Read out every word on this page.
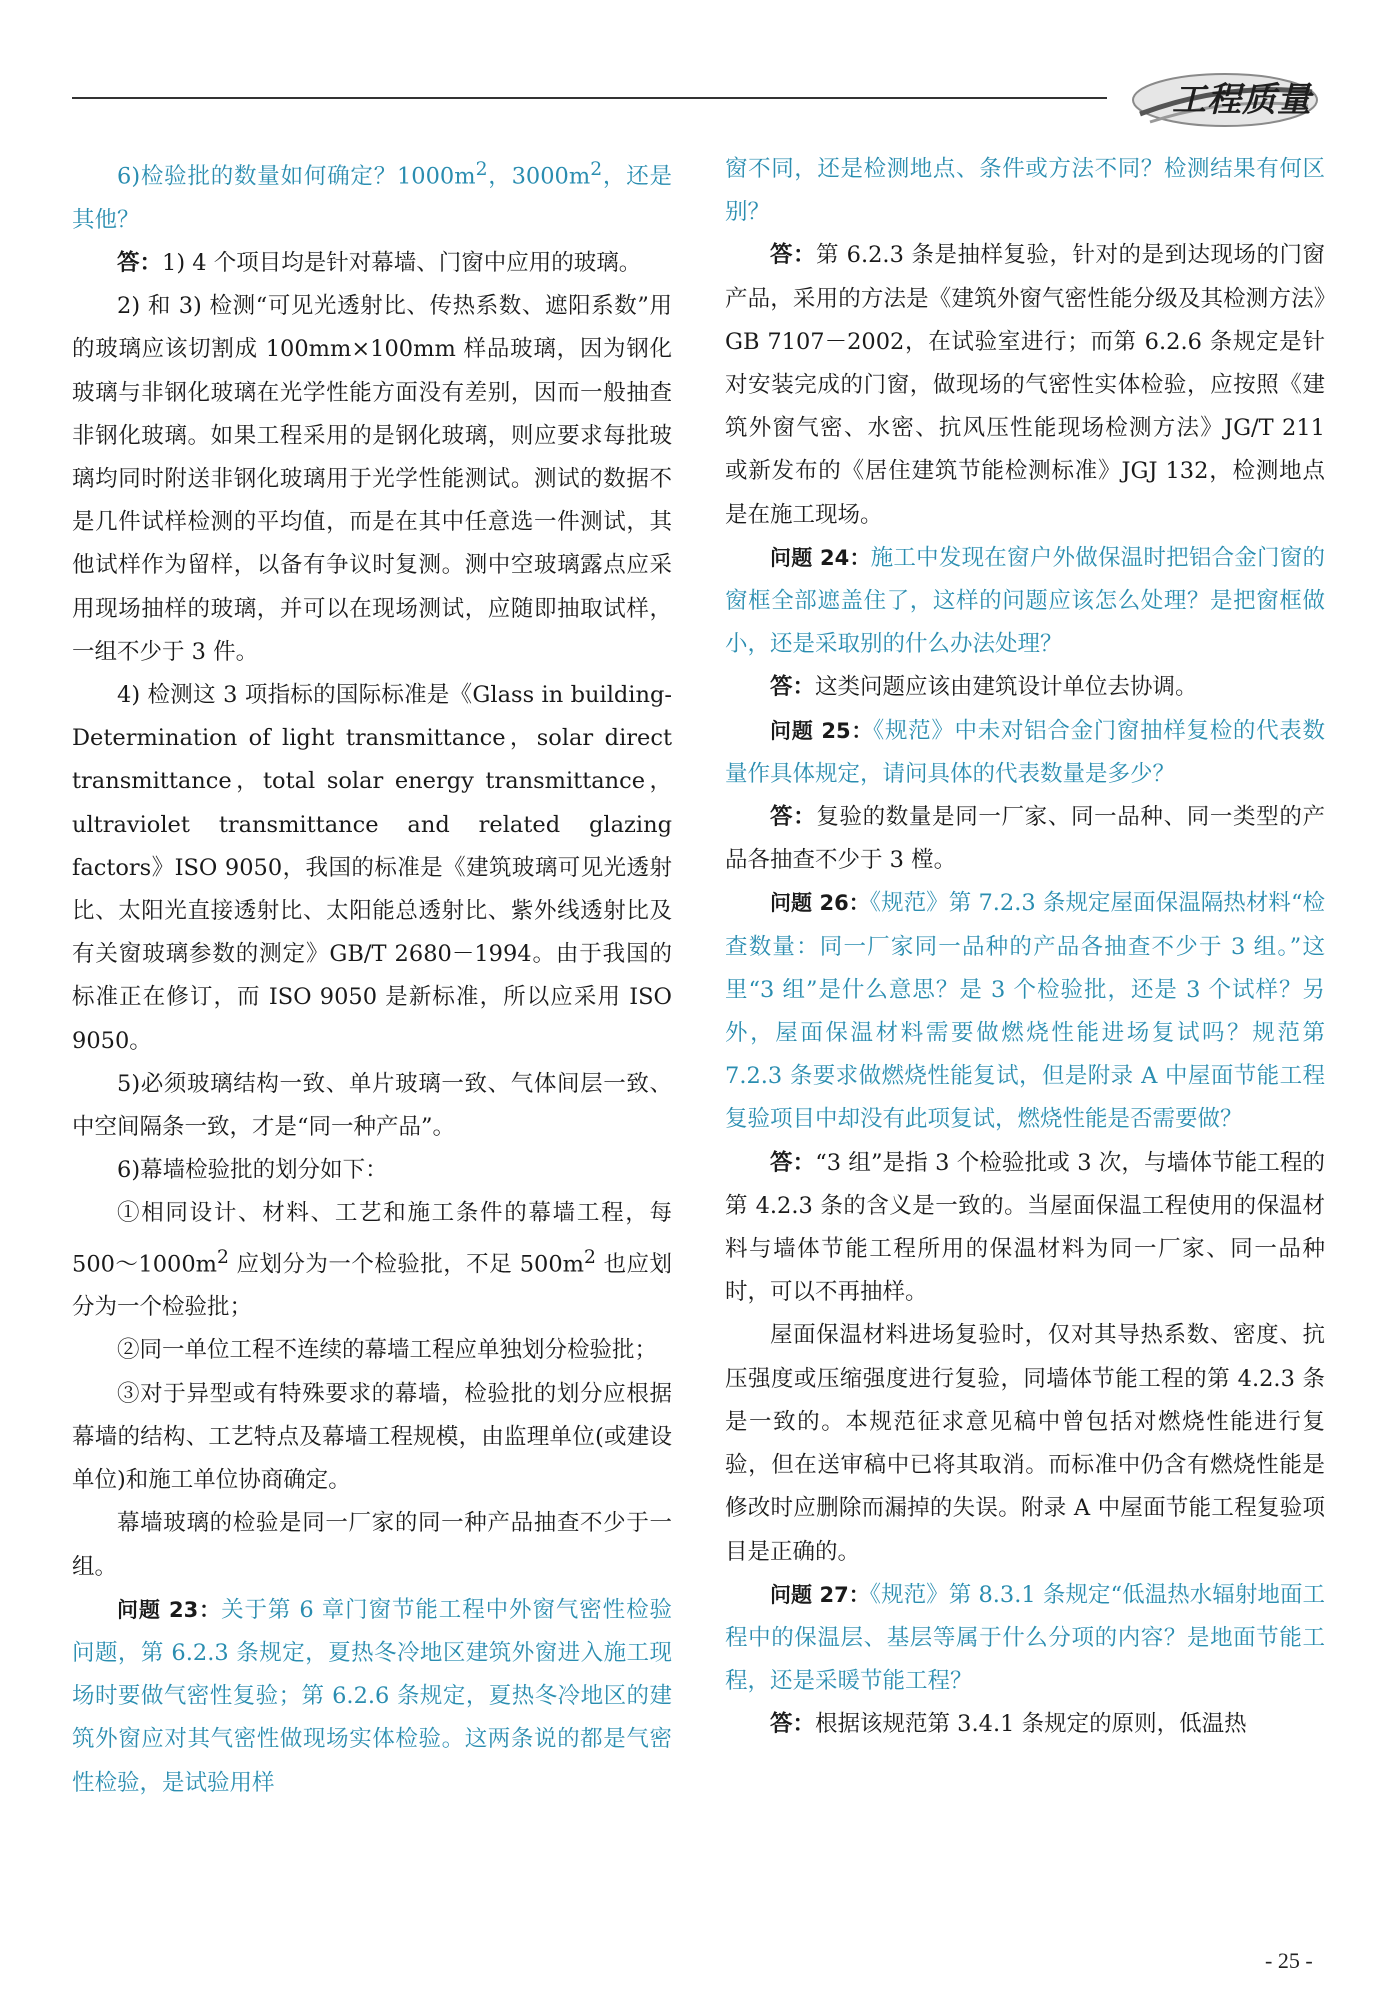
工程质量

6)检验批的数量如何确定？$1000m^2$，$3000m^2$，还是其他？

答：1) 4 个项目均是针对幕墙、门窗中应用的玻璃。

2) 和 3) 检测“可见光透射比、传热系数、遮阳系数”用的玻璃应该切割成 100mm×100mm 样品玻璃，因为钢化玻璃与非钢化玻璃在光学性能方面没有差别，因而一般抽查非钢化玻璃。如果工程采用的是钢化玻璃，则应要求每批玻璃均同时附送非钢化玻璃用于光学性能测试。测试的数据不是几件试样检测的平均值，而是在其中任意选一件测试，其他试样作为留样，以备有争议时复测。测中空玻璃露点应采用现场抽样的玻璃，并可以在现场测试，应随即抽取试样，一组不少于 3 件。

4) 检测这 3 项指标的国际标准是《Glass in building-Determination of light transmittance，solar direct transmittance，total solar energy transmittance，ultraviolet transmittance and related glazing factors》ISO 9050，我国的标准是《建筑玻璃可见光透射比、太阳光直接透射比、太阳能总透射比、紫外线透射比及有关窗玻璃参数的测定》GB/T 2680－1994。由于我国的标准正在修订，而 ISO 9050 是新标准，所以应采用 ISO 9050。

5)必须玻璃结构一致、单片玻璃一致、气体间层一致、中空间隔条一致，才是“同一种产品”。

6)幕墙检验批的划分如下：

①相同设计、材料、工艺和施工条件的幕墙工程，每 $500\sim 1000m^2$ 应划分为一个检验批，不足 $500m^2$ 也应划分为一个检验批；

②同一单位工程不连续的幕墙工程应单独划分检验批；

③对于异型或有特殊要求的幕墙，检验批的划分应根据幕墙的结构、工艺特点及幕墙工程规模，由监理单位(或建设单位)和施工单位协商确定。

幕墙玻璃的检验是同一厂家的同一种产品抽查不少于一组。

问题 23：关于第 6 章门窗节能工程中外窗气密性检验问题，第 6.2.3 条规定，夏热冬冷地区建筑外窗进入施工现场时要做气密性复验；第 6.2.6 条规定，夏热冬冷地区的建筑外窗应对其气密性做现场实体检验。这两条说的都是气密性检验，是试验用样

窗不同，还是检测地点、条件或方法不同？检测结果有何区别？

答：第 6.2.3 条是抽样复验，针对的是到达现场的门窗产品，采用的方法是《建筑外窗气密性能分级及其检测方法》GB 7107－2002，在试验室进行；而第 6.2.6 条规定是针对安装完成的门窗，做现场的气密性实体检验，应按照《建筑外窗气密、水密、抗风压性能现场检测方法》JG/T 211 或新发布的《居住建筑节能检测标准》JGJ 132，检测地点是在施工现场。

问题 24：施工中发现在窗户外做保温时把铝合金门窗的窗框全部遮盖住了，这样的问题应该怎么处理？是把窗框做小，还是采取别的什么办法处理？

答：这类问题应该由建筑设计单位去协调。

问题 25：《规范》中未对铝合金门窗抽样复检的代表数量作具体规定，请问具体的代表数量是多少？

答：复验的数量是同一厂家、同一品种、同一类型的产品各抽查不少于 3 樘。

问题 26：《规范》第 7.2.3 条规定屋面保温隔热材料“检查数量：同一厂家同一品种的产品各抽查不少于 3 组。”这里“3 组”是什么意思？是 3 个检验批，还是 3 个试样？另外，屋面保温材料需要做燃烧性能进场复试吗？规范第 7.2.3 条要求做燃烧性能复试，但是附录 A 中屋面节能工程复验项目中却没有此项复试，燃烧性能是否需要做？

答：“3 组”是指 3 个检验批或 3 次，与墙体节能工程的第 4.2.3 条的含义是一致的。当屋面保温工程使用的保温材料与墙体节能工程所用的保温材料为同一厂家、同一品种时，可以不再抽样。

屋面保温材料进场复验时，仅对其导热系数、密度、抗压强度或压缩强度进行复验，同墙体节能工程的第 4.2.3 条是一致的。本规范征求意见稿中曾包括对燃烧性能进行复验，但在送审稿中已将其取消。而标准中仍含有燃烧性能是修改时应删除而漏掉的失误。附录 A 中屋面节能工程复验项目是正确的。

问题 27：《规范》第 8.3.1 条规定“低温热水辐射地面工程中的保温层、基层等属于什么分项的内容？是地面节能工程，还是采暖节能工程？

答：根据该规范第 3.4.1 条规定的原则，低温热

- 25 -
